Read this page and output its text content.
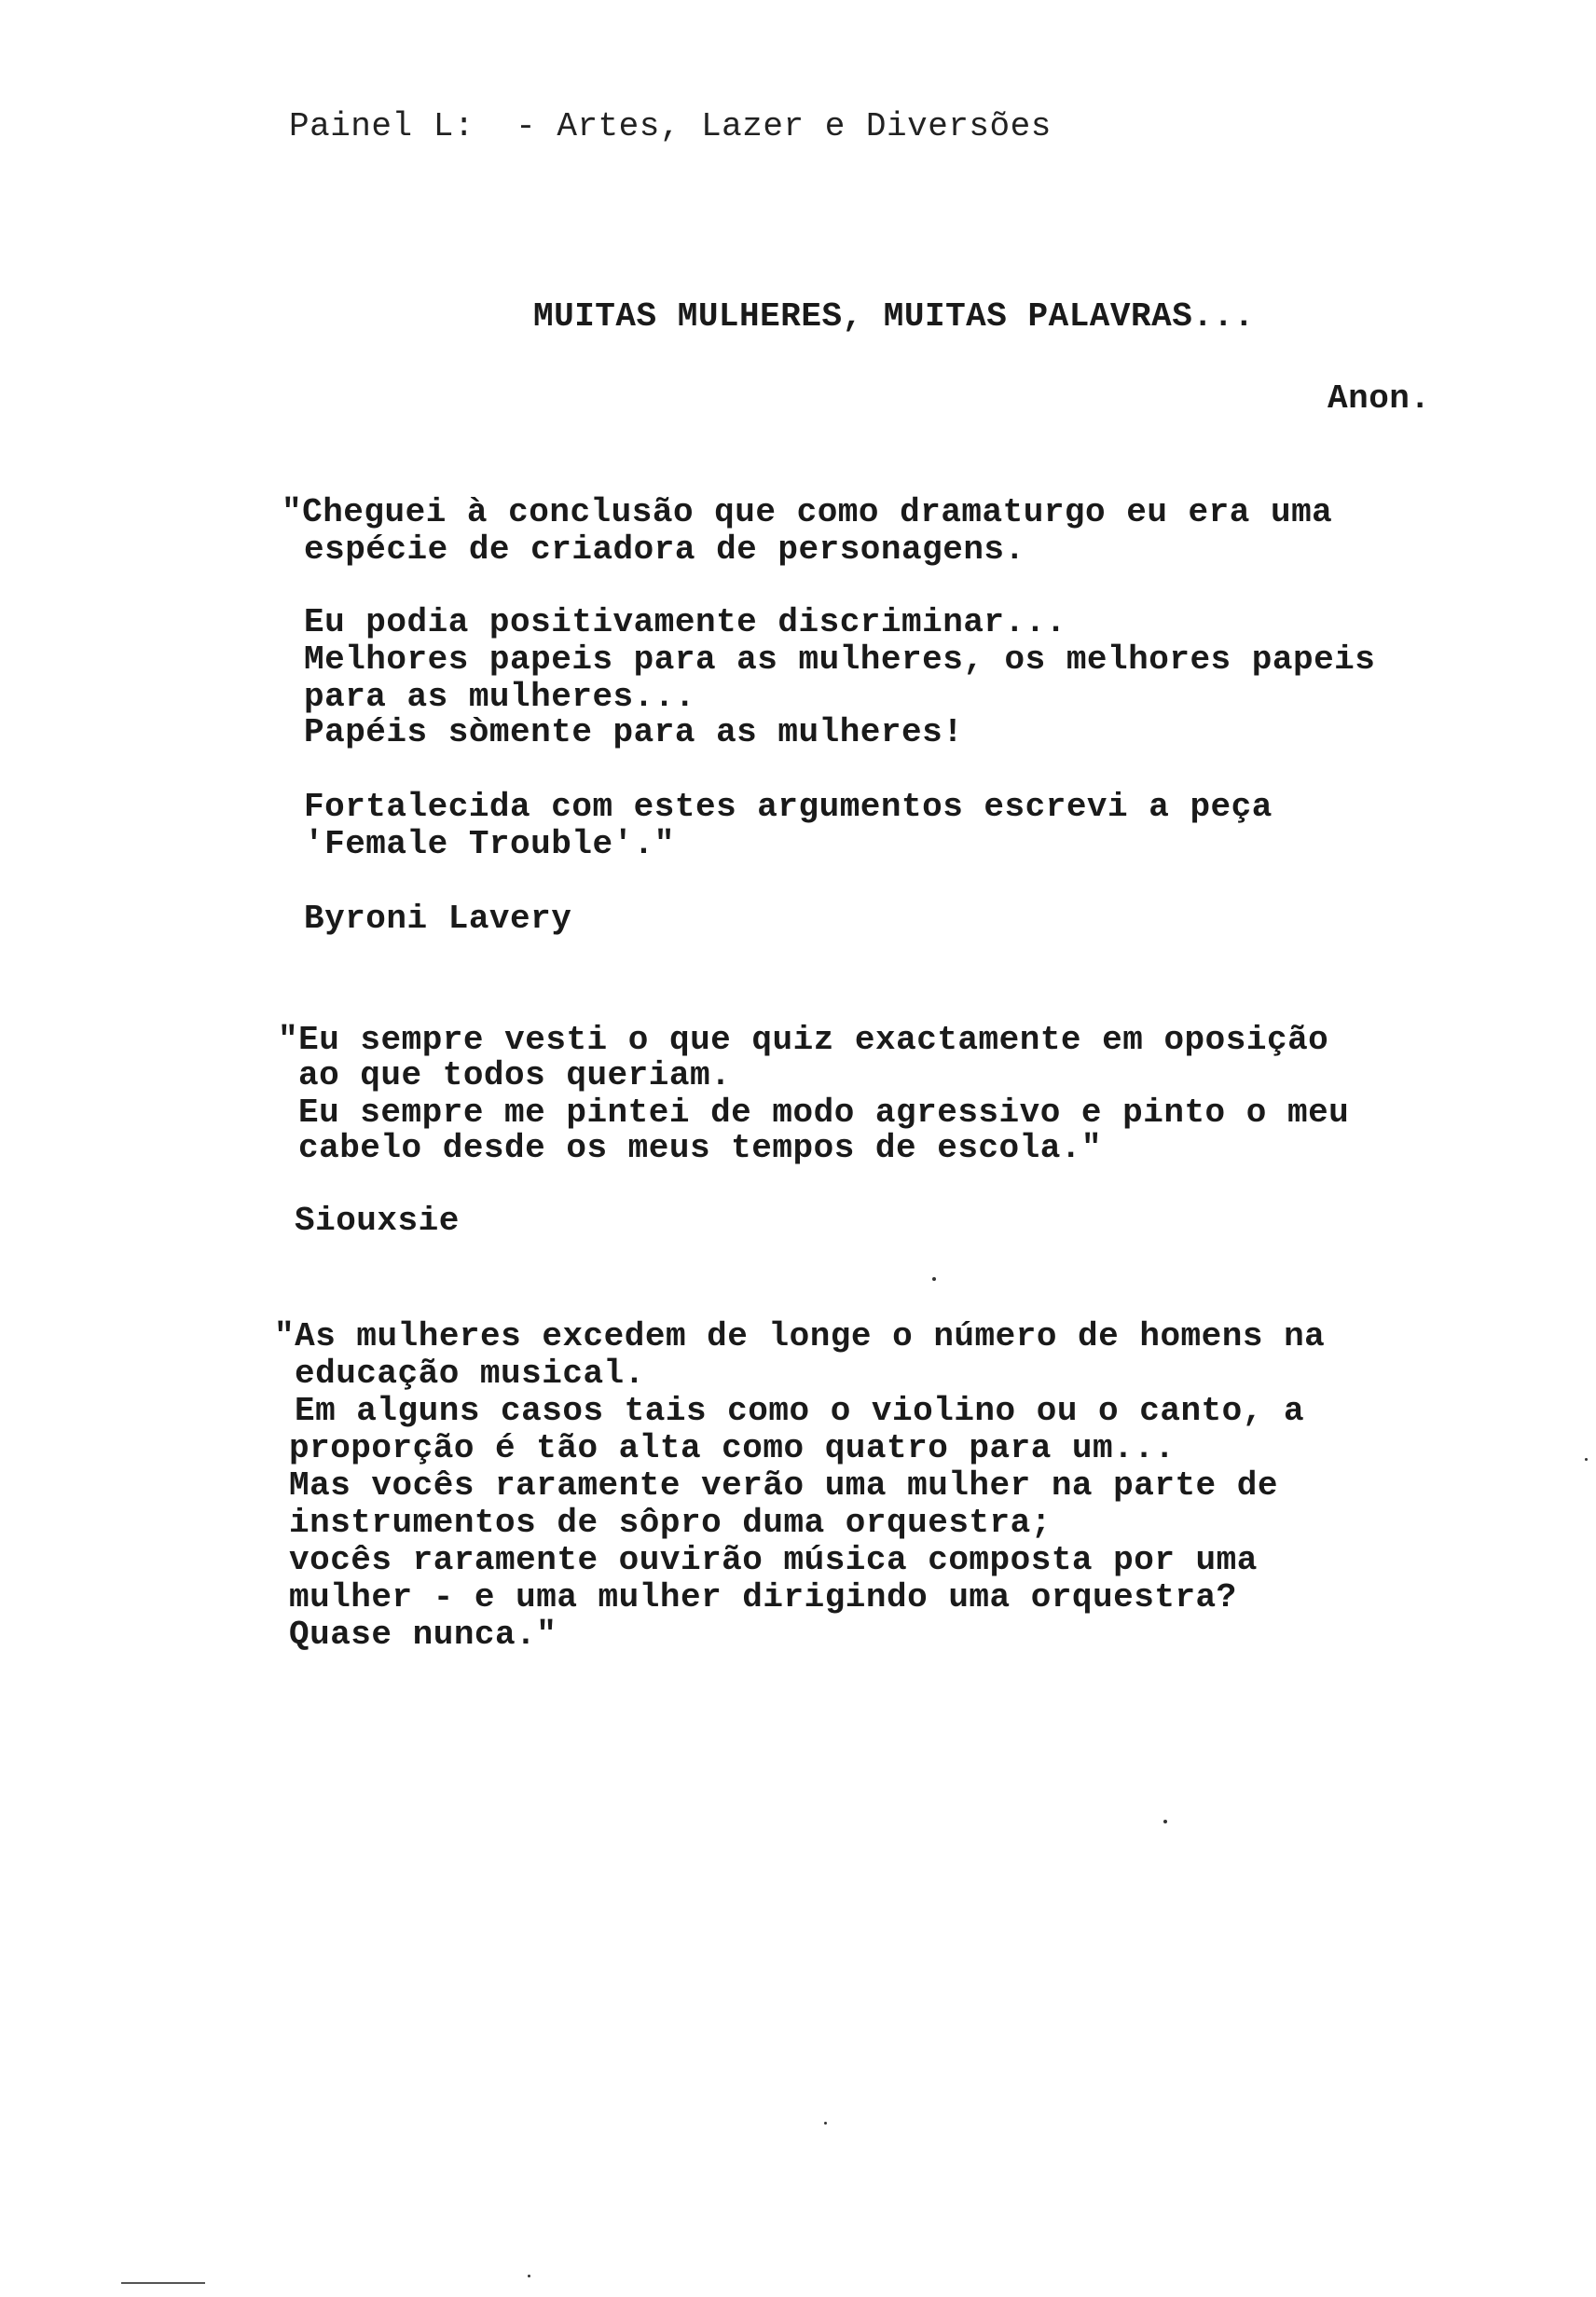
Painel L:  - Artes, Lazer e Diversões
MUITAS MULHERES, MUITAS PALAVRAS...
Anon.
"Cheguei à conclusão que como dramaturgo eu era uma
espécie de criadora de personagens.
Eu podia positivamente discriminar...
Melhores papeis para as mulheres, os melhores papeis
para as mulheres...
Papéis sòmente para as mulheres!
Fortalecida com estes argumentos escrevi a peça
'Female Trouble'."
Byroni Lavery
"Eu sempre vesti o que quiz exactamente em oposição
ao que todos queriam.
Eu sempre me pintei de modo agressivo e pinto o meu
cabelo desde os meus tempos de escola."
Siouxsie
"As mulheres excedem de longe o número de homens na
educação musical.
Em alguns casos tais como o violino ou o canto, a
proporção é tão alta como quatro para um...
Mas vocês raramente verão uma mulher na parte de
instrumentos de sôpro duma orquestra;
vocês raramente ouvirão música composta por uma
mulher - e uma mulher dirigindo uma orquestra?
Quase nunca."
